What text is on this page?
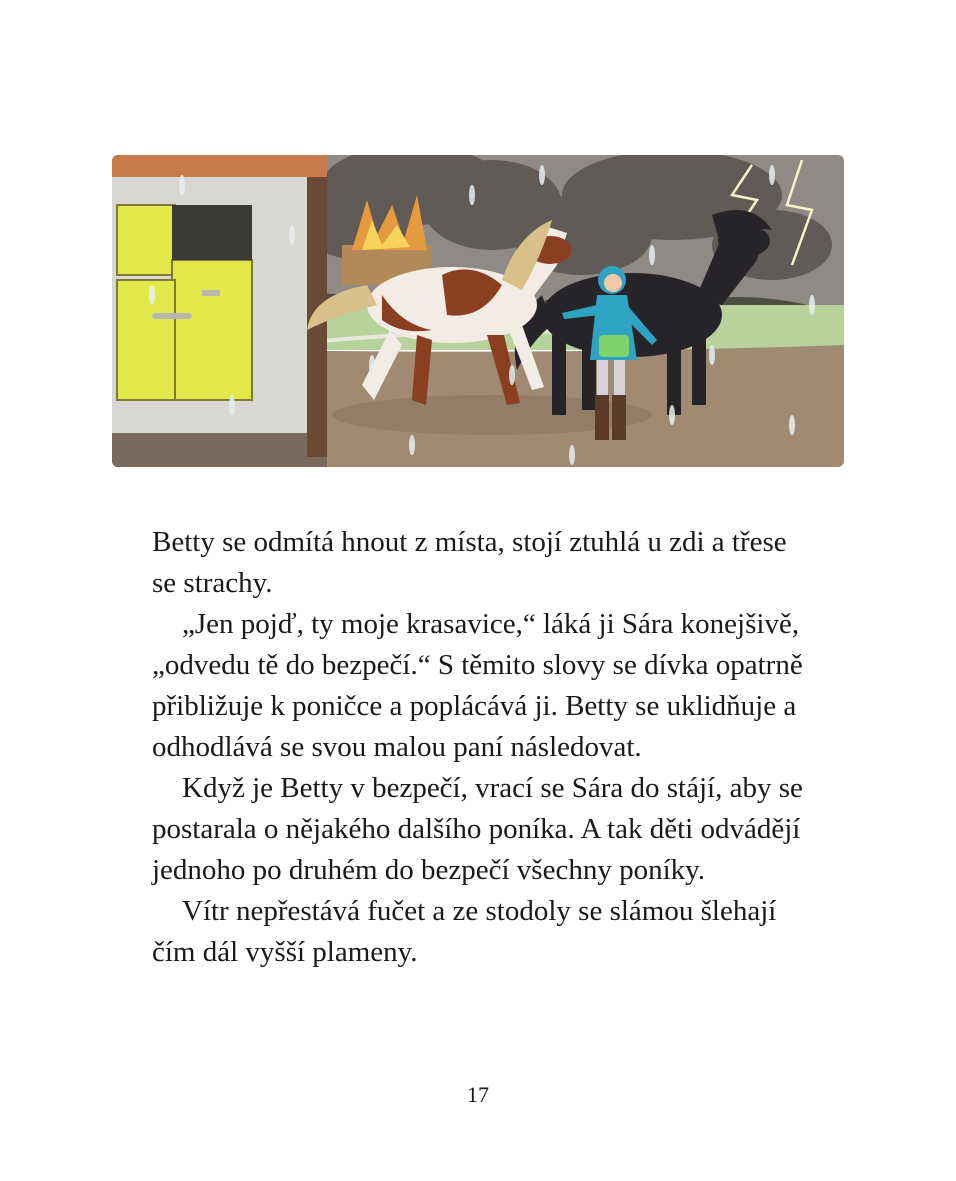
Betty se odmítá hnout z místa, stojí ztuhlá u zdi a třese se strachy.

„Jen pojď, ty moje krasavice,“ láká ji Sára konejšivě, „odvedu tě do bezpečí.“ S těmito slovy se dívka opatrně přibližuje k poničce a poplácává ji. Betty se uklidňuje a odhodlává se svou malou paní následovat.

Když je Betty v bezpečí, vrací se Sára do stájí, aby se postarala o nějakého dalšího poníka. A tak děti odvádějí jednoho po druhém do bezpečí všechny poníky.

Vítr nepřestává fučet a ze stodoly se slámou šlehají čím dál vyšší plameny.

17
